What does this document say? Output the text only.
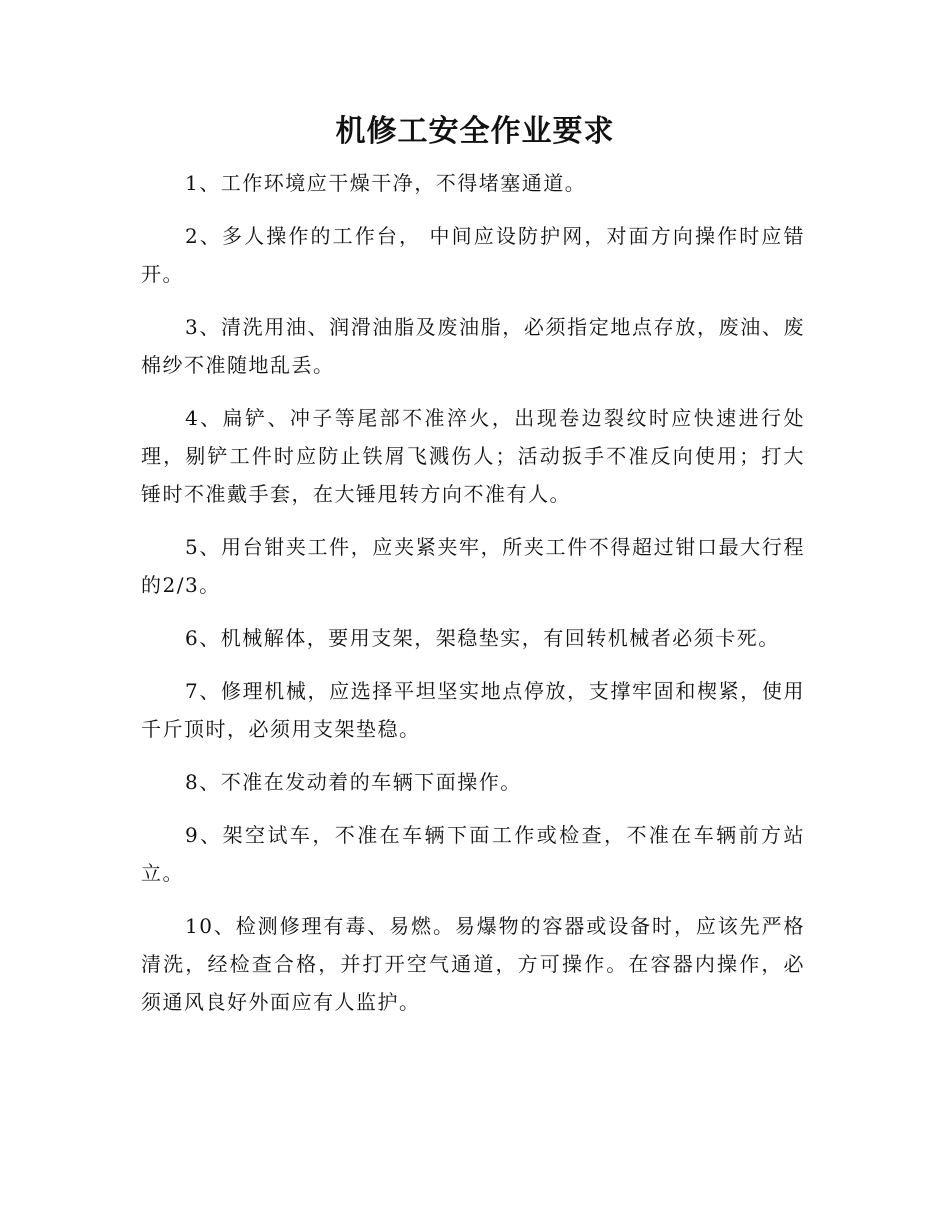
机修工安全作业要求

1、工作环境应干燥干净，不得堵塞通道。

2、多人操作的工作台， 中间应设防护网，对面方向操作时应错开。

3、清洗用油、润滑油脂及废油脂，必须指定地点存放，废油、废棉纱不准随地乱丢。

4、扁铲、冲子等尾部不准淬火，出现卷边裂纹时应快速进行处理，剔铲工件时应防止铁屑飞溅伤人；活动扳手不准反向使用；打大锤时不准戴手套，在大锤甩转方向不准有人。

5、用台钳夹工件，应夹紧夹牢，所夹工件不得超过钳口最大行程的2/3。

6、机械解体，要用支架，架稳垫实，有回转机械者必须卡死。

7、修理机械，应选择平坦坚实地点停放，支撑牢固和楔紧，使用千斤顶时，必须用支架垫稳。

8、不准在发动着的车辆下面操作。

9、架空试车，不准在车辆下面工作或检查，不准在车辆前方站立。

10、检测修理有毒、易燃。易爆物的容器或设备时，应该先严格清洗，经检查合格，并打开空气通道，方可操作。在容器内操作，必须通风良好外面应有人监护。
